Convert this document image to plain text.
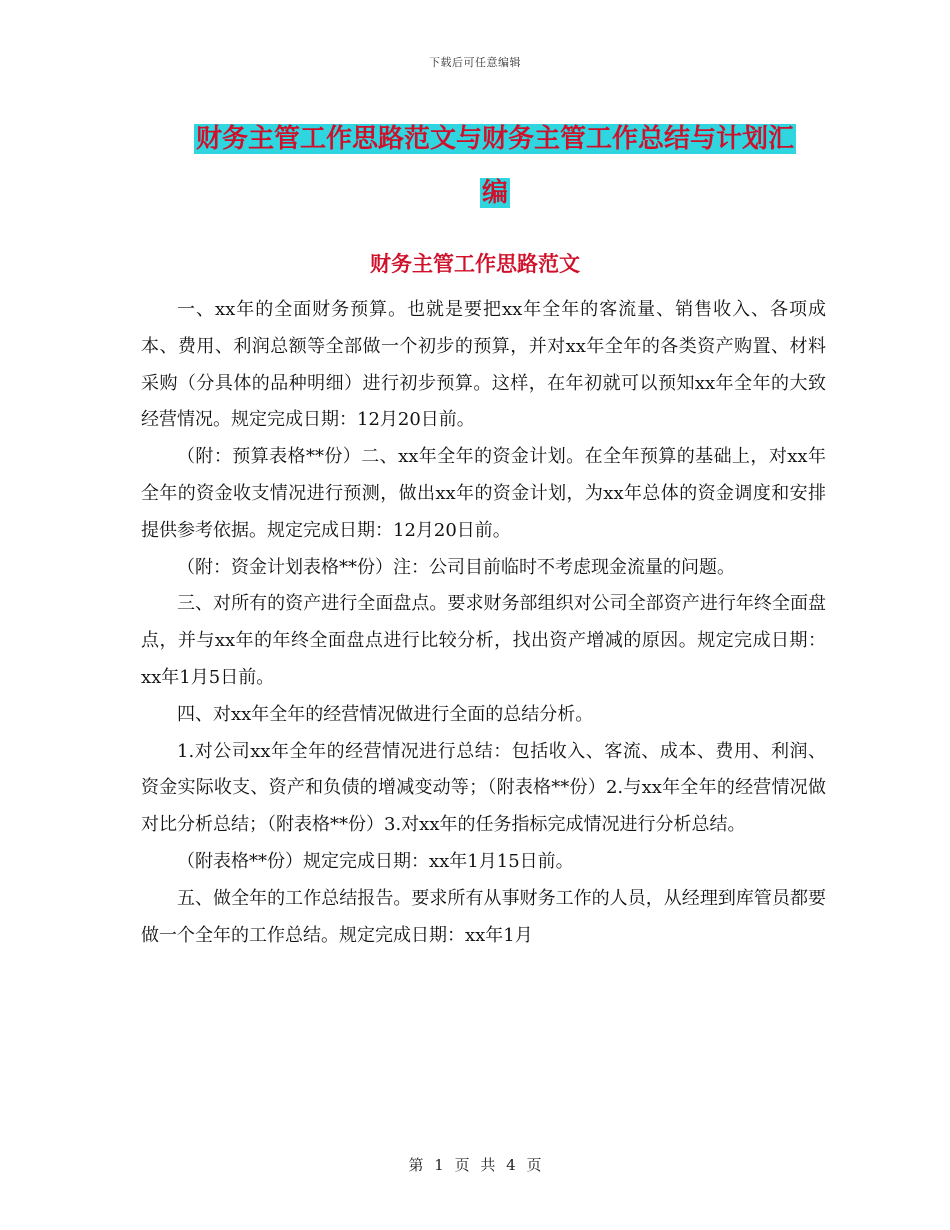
下载后可任意编辑
财务主管工作思路范文与财务主管工作总结与计划汇
编
财务主管工作思路范文

一、xx年的全面财务预算。也就是要把xx年全年的客流量、销售收入、各项成本、费用、利润总额等全部做一个初步的预算，并对xx年全年的各类资产购置、材料采购（分具体的品种明细）进行初步预算。这样，在年初就可以预知xx年全年的大致经营情况。规定完成日期：12月20日前。

（附：预算表格**份）二、xx年全年的资金计划。在全年预算的基础上，对xx年全年的资金收支情况进行预测，做出xx年的资金计划，为xx年总体的资金调度和安排提供参考依据。规定完成日期：12月20日前。

（附：资金计划表格**份）注：公司目前临时不考虑现金流量的问题。

三、对所有的资产进行全面盘点。要求财务部组织对公司全部资产进行年终全面盘点，并与xx年的年终全面盘点进行比较分析，找出资产增减的原因。规定完成日期：xx年1月5日前。

四、对xx年全年的经营情况做进行全面的总结分析。

1.对公司xx年全年的经营情况进行总结：包括收入、客流、成本、费用、利润、资金实际收支、资产和负债的增减变动等；（附表格**份）2.与xx年全年的经营情况做对比分析总结；（附表格**份）3.对xx年的任务指标完成情况进行分析总结。

（附表格**份）规定完成日期：xx年1月15日前。

五、做全年的工作总结报告。要求所有从事财务工作的人员，从经理到库管员都要做一个全年的工作总结。规定完成日期：xx年1月

第 1 页 共 4 页
